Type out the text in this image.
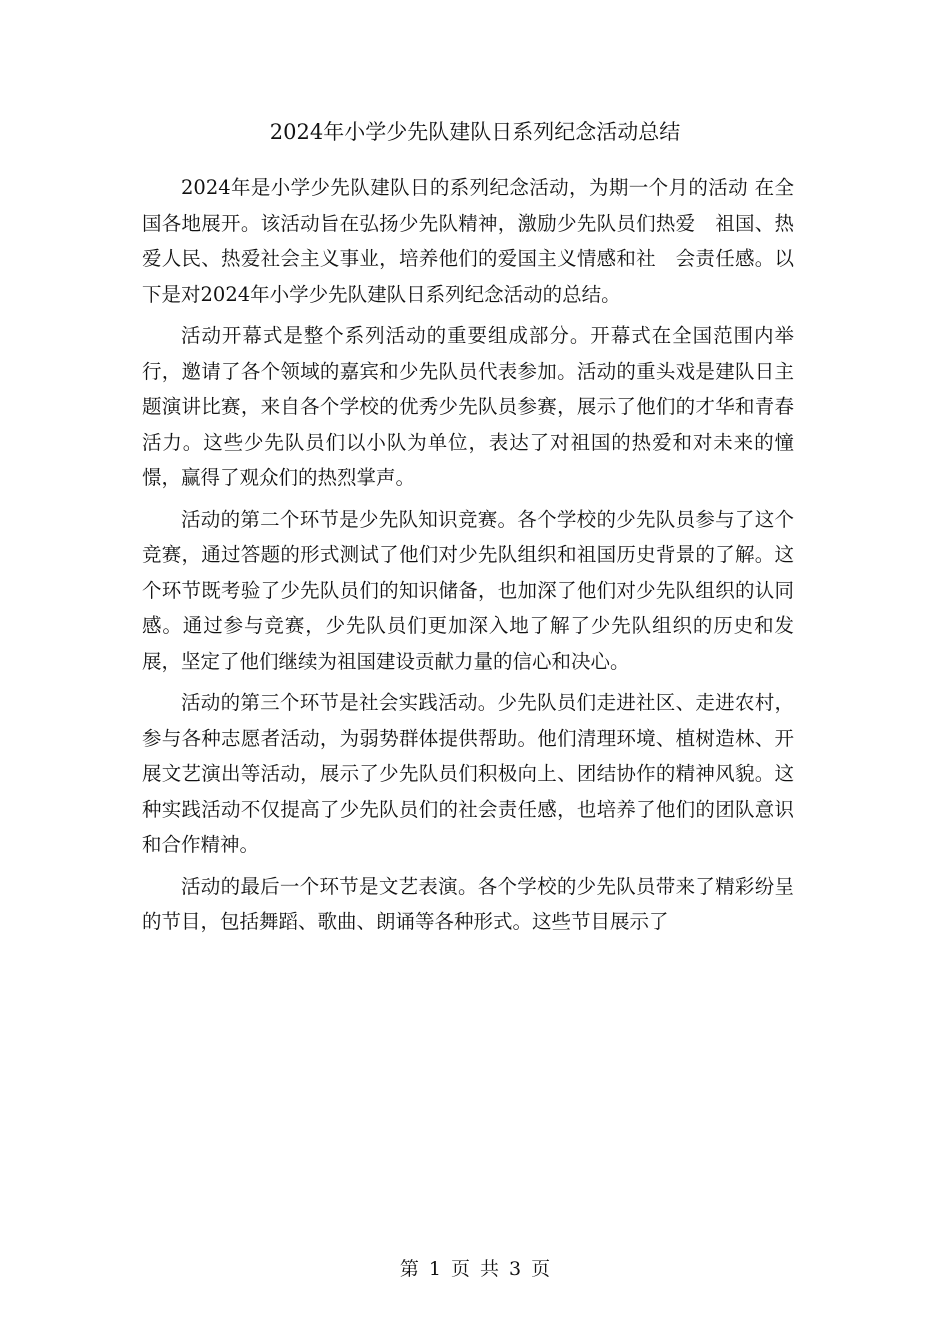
2024年小学少先队建队日系列纪念活动总结

2024年是小学少先队建队日的系列纪念活动，为期一个月的活动 在全国各地展开。该活动旨在弘扬少先队精神，激励少先队员们热爱　祖国、热爱人民、热爱社会主义事业，培养他们的爱国主义情感和社　会责任感。以下是对2024年小学少先队建队日系列纪念活动的总结。

活动开幕式是整个系列活动的重要组成部分。开幕式在全国范围内举行，邀请了各个领域的嘉宾和少先队员代表参加。活动的重头戏是建队日主题演讲比赛，来自各个学校的优秀少先队员参赛，展示了他们的才华和青春活力。这些少先队员们以小队为单位，表达了对祖国的热爱和对未来的憧憬，赢得了观众们的热烈掌声。

活动的第二个环节是少先队知识竞赛。各个学校的少先队员参与了这个竞赛，通过答题的形式测试了他们对少先队组织和祖国历史背景的了解。这个环节既考验了少先队员们的知识储备，也加深了他们对少先队组织的认同感。通过参与竞赛，少先队员们更加深入地了解了少先队组织的历史和发展，坚定了他们继续为祖国建设贡献力量的信心和决心。

活动的第三个环节是社会实践活动。少先队员们走进社区、走进农村，参与各种志愿者活动，为弱势群体提供帮助。他们清理环境、植树造林、开展文艺演出等活动，展示了少先队员们积极向上、团结协作的精神风貌。这种实践活动不仅提高了少先队员们的社会责任感，也培养了他们的团队意识和合作精神。

活动的最后一个环节是文艺表演。各个学校的少先队员带来了精彩纷呈的节目，包括舞蹈、歌曲、朗诵等各种形式。这些节目展示了

第 1 页 共 3 页
